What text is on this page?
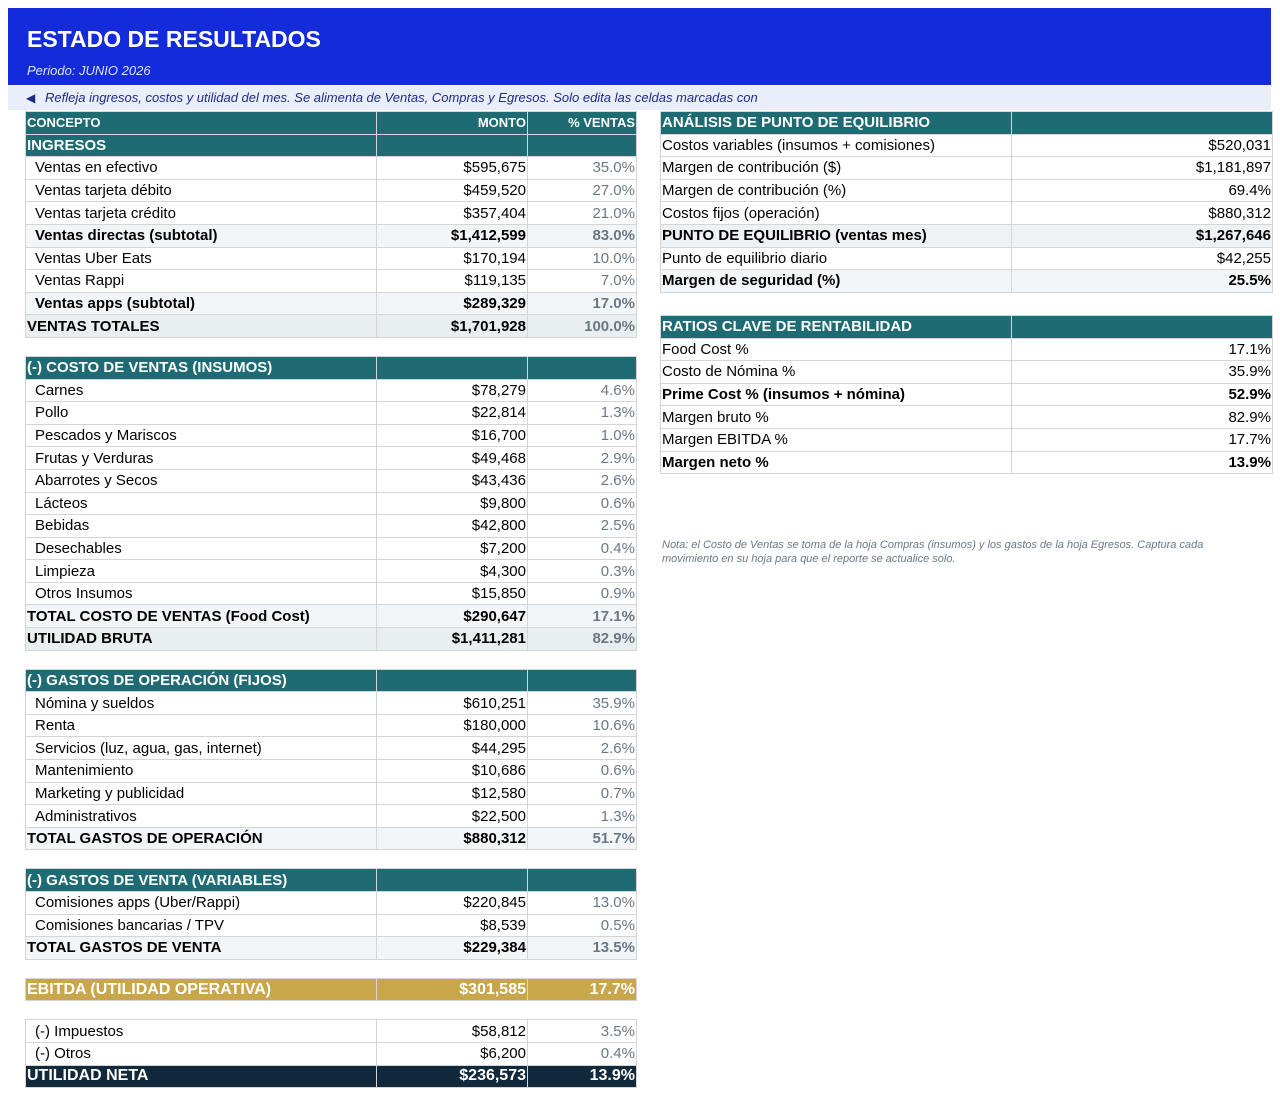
ESTADO DE RESULTADOS
Periodo: JUNIO 2026
◀ Refleja ingresos, costos y utilidad del mes. Se alimenta de Ventas, Compras y Egresos. Solo edita las celdas marcadas con
CONCEPTO	MONTO	% VENTAS
INGRESOS		
Ventas en efectivo	$595,675	35.0%
Ventas tarjeta débito	$459,520	27.0%
Ventas tarjeta crédito	$357,404	21.0%
Ventas directas (subtotal)	$1,412,599	83.0%
Ventas Uber Eats	$170,194	10.0%
Ventas Rappi	$119,135	7.0%
Ventas apps (subtotal)	$289,329	17.0%
VENTAS TOTALES	$1,701,928	100.0%

(-) COSTO DE VENTAS (INSUMOS)		
Carnes	$78,279	4.6%
Pollo	$22,814	1.3%
Pescados y Mariscos	$16,700	1.0%
Frutas y Verduras	$49,468	2.9%
Abarrotes y Secos	$43,436	2.6%
Lácteos	$9,800	0.6%
Bebidas	$42,800	2.5%
Desechables	$7,200	0.4%
Limpieza	$4,300	0.3%
Otros Insumos	$15,850	0.9%
TOTAL COSTO DE VENTAS (Food Cost)	$290,647	17.1%
UTILIDAD BRUTA	$1,411,281	82.9%

(-) GASTOS DE OPERACIÓN (FIJOS)		
Nómina y sueldos	$610,251	35.9%
Renta	$180,000	10.6%
Servicios (luz, agua, gas, internet)	$44,295	2.6%
Mantenimiento	$10,686	0.6%
Marketing y publicidad	$12,580	0.7%
Administrativos	$22,500	1.3%
TOTAL GASTOS DE OPERACIÓN	$880,312	51.7%

(-) GASTOS DE VENTA (VARIABLES)		
Comisiones apps (Uber/Rappi)	$220,845	13.0%
Comisiones bancarias / TPV	$8,539	0.5%
TOTAL GASTOS DE VENTA	$229,384	13.5%

EBITDA (UTILIDAD OPERATIVA)	$301,585	17.7%

(-) Impuestos	$58,812	3.5%
(-) Otros	$6,200	0.4%
UTILIDAD NETA	$236,573	13.9%
ANÁLISIS DE PUNTO DE EQUILIBRIO	
Costos variables (insumos + comisiones)	$520,031
Margen de contribución ($)	$1,181,897
Margen de contribución (%)	69.4%
Costos fijos (operación)	$880,312
PUNTO DE EQUILIBRIO (ventas mes)	$1,267,646
Punto de equilibrio diario	$42,255
Margen de seguridad (%)	25.5%
RATIOS CLAVE DE RENTABILIDAD	
Food Cost %	17.1%
Costo de Nómina %	35.9%
Prime Cost % (insumos + nómina)	52.9%
Margen bruto %	82.9%
Margen EBITDA %	17.7%
Margen neto %	13.9%
Nota: el Costo de Ventas se toma de la hoja Compras (insumos) y los gastos de la hoja Egresos. Captura cada movimiento en su hoja para que el reporte se actualice solo.
